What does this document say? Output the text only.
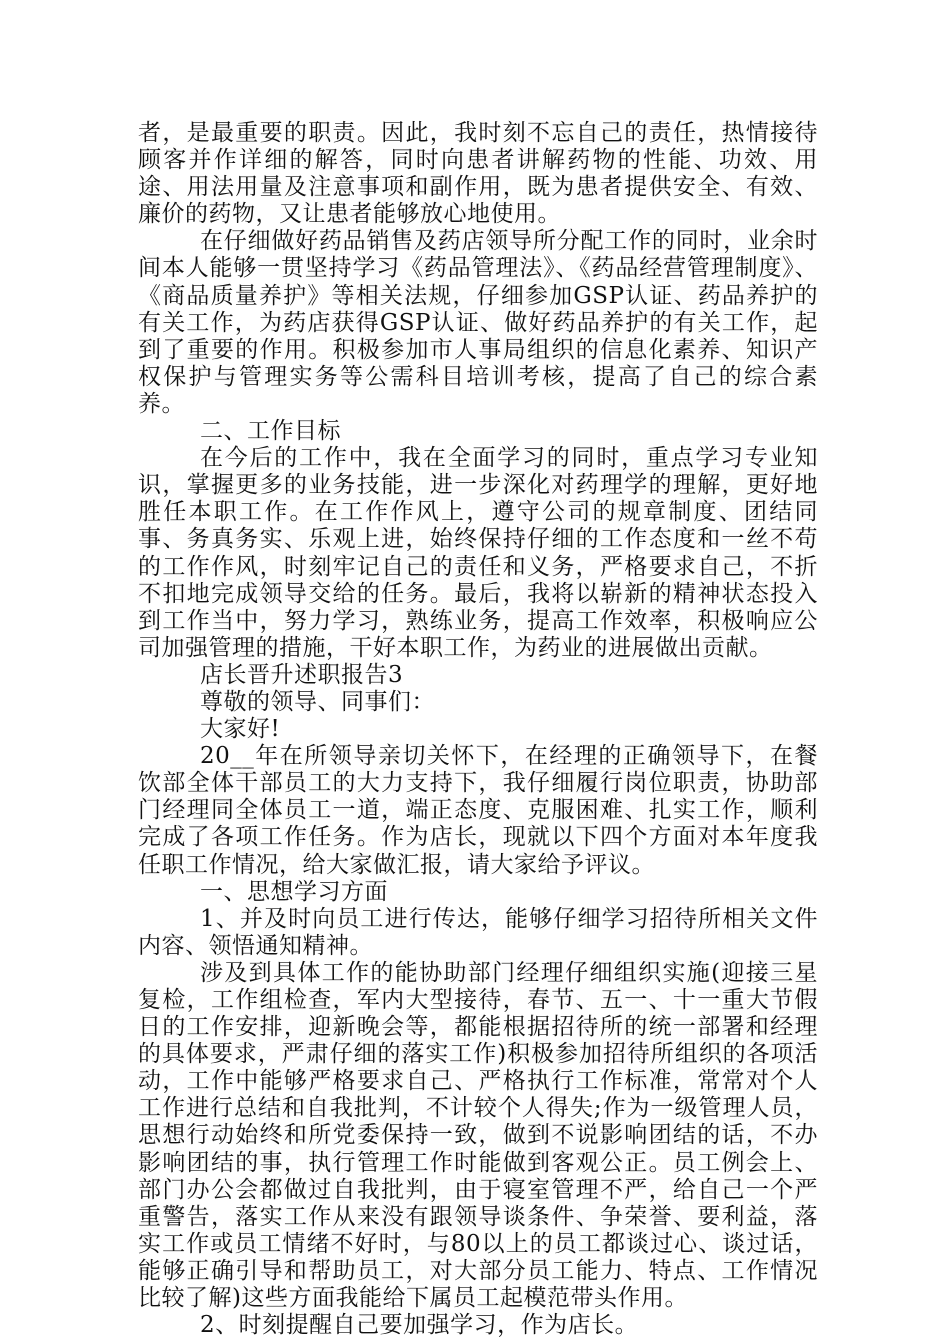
者，是最重要的职责。因此，我时刻不忘自己的责任，热情接待顾客并作详细的解答，同时向患者讲解药物的性能、功效、用途、用法用量及注意事项和副作用，既为患者提供安全、有效、廉价的药物，又让患者能够放心地使用。

在仔细做好药品销售及药店领导所分配工作的同时，业余时间本人能够一贯坚持学习《药品管理法》、《药品经营管理制度》、《商品质量养护》等相关法规，仔细参加GSP认证、药品养护的有关工作，为药店获得GSP认证、做好药品养护的有关工作，起到了重要的作用。积极参加市人事局组织的信息化素养、知识产权保护与管理实务等公需科目培训考核，提高了自己的综合素养。

二、工作目标

在今后的工作中，我在全面学习的同时，重点学习专业知识，掌握更多的业务技能，进一步深化对药理学的理解，更好地胜任本职工作。在工作作风上，遵守公司的规章制度、团结同事、务真务实、乐观上进，始终保持仔细的工作态度和一丝不苟的工作作风，时刻牢记自己的责任和义务，严格要求自己，不折不扣地完成领导交给的任务。最后，我将以崭新的精神状态投入到工作当中，努力学习，熟练业务，提高工作效率，积极响应公司加强管理的措施，干好本职工作，为药业的进展做出贡献。

店长晋升述职报告3

尊敬的领导、同事们：

大家好!

20__年在所领导亲切关怀下，在经理的正确领导下，在餐饮部全体干部员工的大力支持下，我仔细履行岗位职责，协助部门经理同全体员工一道，端正态度、克服困难、扎实工作，顺利完成了各项工作任务。作为店长，现就以下四个方面对本年度我任职工作情况，给大家做汇报，请大家给予评议。

一、思想学习方面

1、并及时向员工进行传达，能够仔细学习招待所相关文件内容、领悟通知精神。

涉及到具体工作的能协助部门经理仔细组织实施(迎接三星复检，工作组检查，军内大型接待，春节、五一、十一重大节假日的工作安排，迎新晚会等，都能根据招待所的统一部署和经理的具体要求，严肃仔细的落实工作)积极参加招待所组织的各项活动，工作中能够严格要求自己、严格执行工作标准，常常对个人工作进行总结和自我批判，不计较个人得失;作为一级管理人员，思想行动始终和所党委保持一致，做到不说影响团结的话，不办影响团结的事，执行管理工作时能做到客观公正。员工例会上、部门办公会都做过自我批判，由于寝室管理不严，给自己一个严重警告，落实工作从来没有跟领导谈条件、争荣誉、要利益，落实工作或员工情绪不好时，与80以上的员工都谈过心、谈过话，能够正确引导和帮助员工，对大部分员工能力、特点、工作情况比较了解)这些方面我能给下属员工起模范带头作用。

2、时刻提醒自己要加强学习，作为店长。
